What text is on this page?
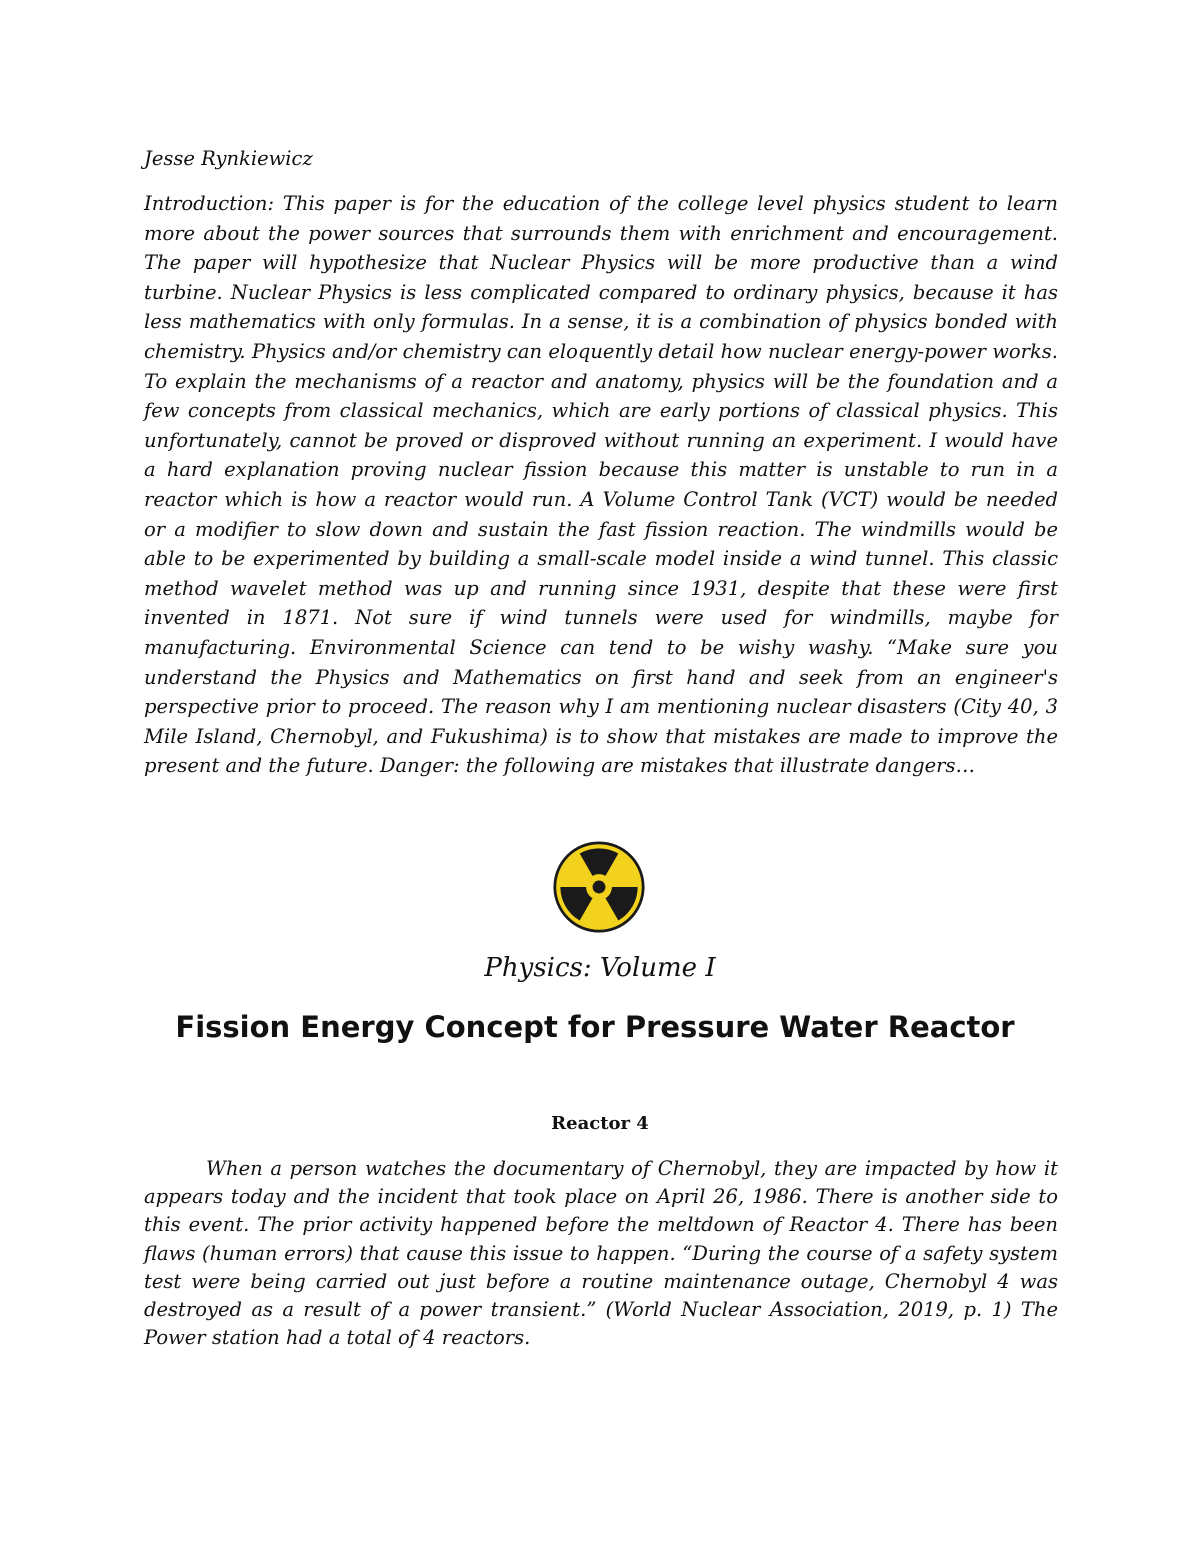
Jesse Rynkiewicz

Introduction: This paper is for the education of the college level physics student to learn more about the power sources that surrounds them with enrichment and encouragement. The paper will hypothesize that Nuclear Physics will be more productive than a wind turbine. Nuclear Physics is less complicated compared to ordinary physics, because it has less mathematics with only formulas. In a sense, it is a combination of physics bonded with chemistry. Physics and/or chemistry can eloquently detail how nuclear energy-power works. To explain the mechanisms of a reactor and anatomy, physics will be the foundation and a few concepts from classical mechanics, which are early portions of classical physics. This unfortunately, cannot be proved or disproved without running an experiment. I would have a hard explanation proving nuclear fission because this matter is unstable to run in a reactor which is how a reactor would run. A Volume Control Tank (VCT) would be needed or a modifier to slow down and sustain the fast fission reaction. The windmills would be able to be experimented by building a small-scale model inside a wind tunnel. This classic method wavelet method was up and running since 1931, despite that these were first invented in 1871. Not sure if wind tunnels were used for windmills, maybe for manufacturing. Environmental Science can tend to be wishy washy. “Make sure you understand the Physics and Mathematics on first hand and seek from an engineer's perspective prior to proceed. The reason why I am mentioning nuclear disasters (City 40, 3 Mile Island, Chernobyl, and Fukushima) is to show that mistakes are made to improve the present and the future. Danger: the following are mistakes that illustrate dangers…

Physics: Volume I

Fission Energy Concept for Pressure Water Reactor
Reactor 4

When a person watches the documentary of Chernobyl, they are impacted by how it appears today and the incident that took place on April 26, 1986. There is another side to this event. The prior activity happened before the meltdown of Reactor 4. There has been flaws (human errors) that cause this issue to happen. “During the course of a safety system test were being carried out just before a routine maintenance outage, Chernobyl 4 was destroyed as a result of a power transient.” (World Nuclear Association, 2019, p. 1) The Power station had a total of 4 reactors.
